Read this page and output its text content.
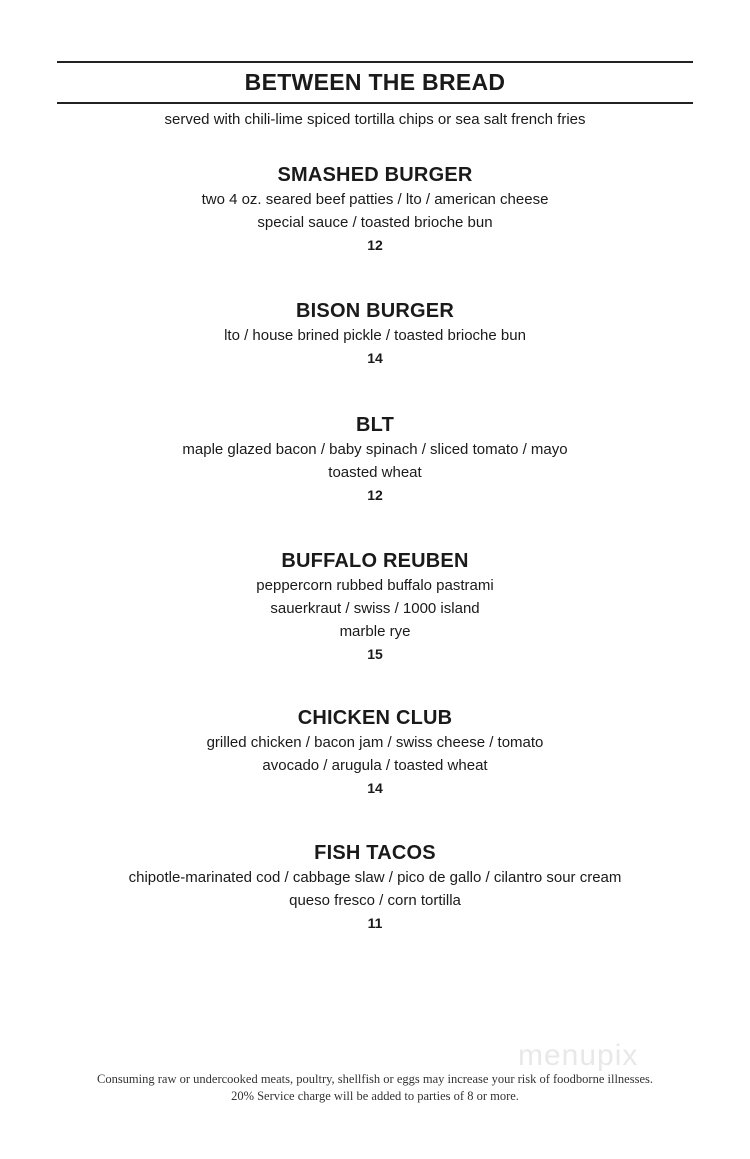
BETWEEN THE BREAD
served with chili-lime spiced tortilla chips or sea salt french fries
SMASHED BURGER
two 4 oz. seared beef patties / lto / american cheese
special sauce / toasted brioche bun
12
BISON BURGER
lto / house brined pickle / toasted brioche bun
14
BLT
maple glazed bacon / baby spinach / sliced tomato / mayo
toasted wheat
12
BUFFALO REUBEN
peppercorn rubbed buffalo pastrami
sauerkraut / swiss / 1000 island
marble rye
15
CHICKEN CLUB
grilled chicken / bacon jam / swiss cheese / tomato
avocado / arugula / toasted wheat
14
FISH TACOS
chipotle-marinated cod / cabbage slaw / pico de gallo / cilantro sour cream
queso fresco / corn tortilla
11
menupix
Consuming raw or undercooked meats, poultry, shellfish or eggs may increase your risk of foodborne illnesses.
20% Service charge will be added to parties of 8 or more.
